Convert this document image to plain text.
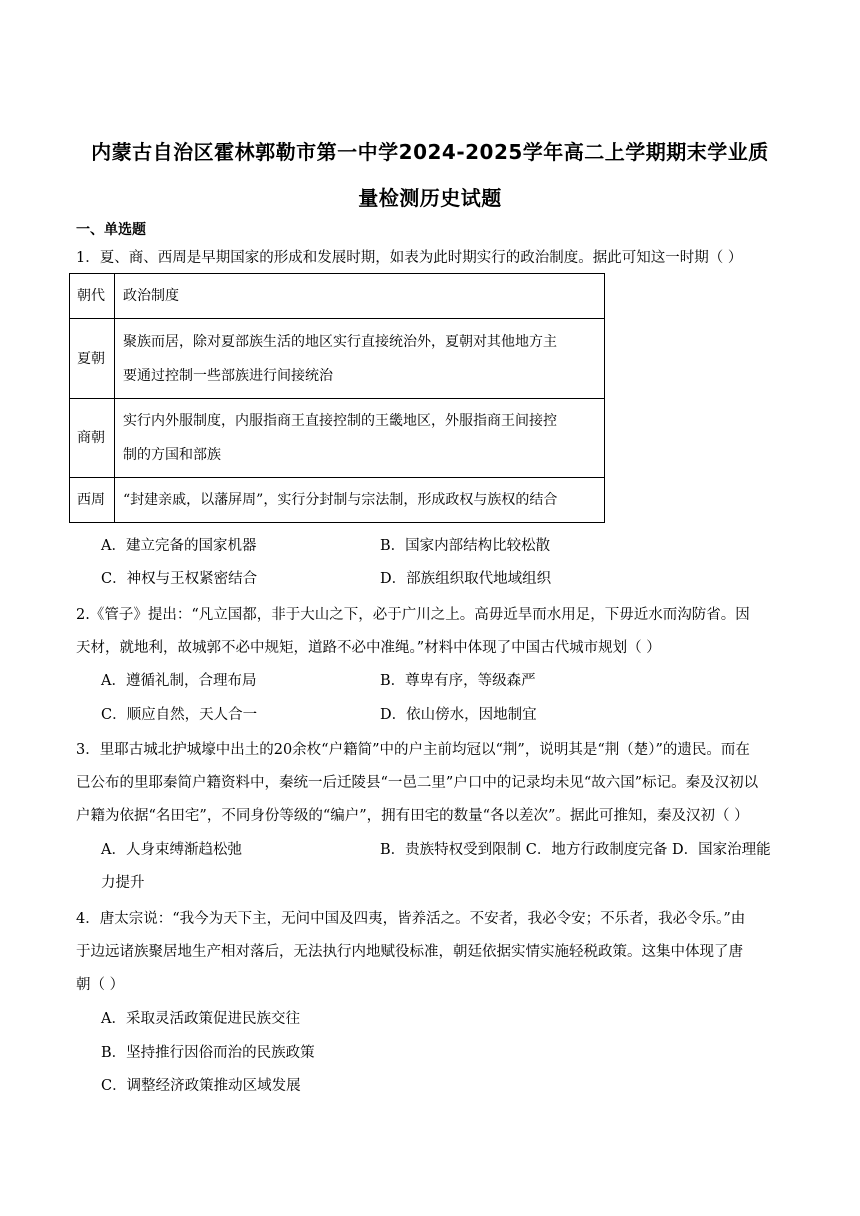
内蒙古自治区霍林郭勒市第一中学2024-2025学年高二上学期期末学业质
量检测历史试题
一、单选题
1．夏、商、西周是早期国家的形成和发展时期，如表为此时期实行的政治制度。据此可知这一时期（ ）
朝代	政治制度
夏朝	聚族而居，除对夏部族生活的地区实行直接统治外，夏朝对其他地方主
要通过控制一些部族进行间接统治

商朝	实行内外服制度，内服指商王直接控制的王畿地区，外服指商王间接控
制的方国和部族

西周	“封建亲戚，以藩屏周”，实行分封制与宗法制，形成政权与族权的结合
A．建立完备的国家机器	B．国家内部结构比较松散
C．神权与王权紧密结合	D．部族组织取代地域组织
2.《管子》提出：“凡立国都，非于大山之下，必于广川之上。高毋近旱而水用足，下毋近水而沟防省。因
天材，就地利，故城郭不必中规矩，道路不必中准绳。”材料中体现了中国古代城市规划（ ）
A．遵循礼制，合理布局	B．尊卑有序，等级森严
C．顺应自然，天人合一	D．依山傍水，因地制宜
3．里耶古城北护城壕中出土的20余枚“户籍简”中的户主前均冠以“荆”，说明其是“荆（楚）”的遗民。而在
已公布的里耶秦简户籍资料中，秦统一后迁陵县“一邑二里”户口中的记录均未见“故六国”标记。秦及汉初以
户籍为依据“名田宅”，不同身份等级的“编户”，拥有田宅的数量“各以差次”。据此可推知，秦及汉初（ ）
A．人身束缚渐趋松弛	B．贵族特权受到限制 C．地方行政制度完备 D．国家治理能
力提升
4．唐太宗说：“我今为天下主，无问中国及四夷，皆养活之。不安者，我必令安；不乐者，我必令乐。”由
于边远诸族聚居地生产相对落后，无法执行内地赋役标准，朝廷依据实情实施轻税政策。这集中体现了唐
朝（ ）
A．采取灵活政策促进民族交往
B．坚持推行因俗而治的民族政策
C．调整经济政策推动区域发展
